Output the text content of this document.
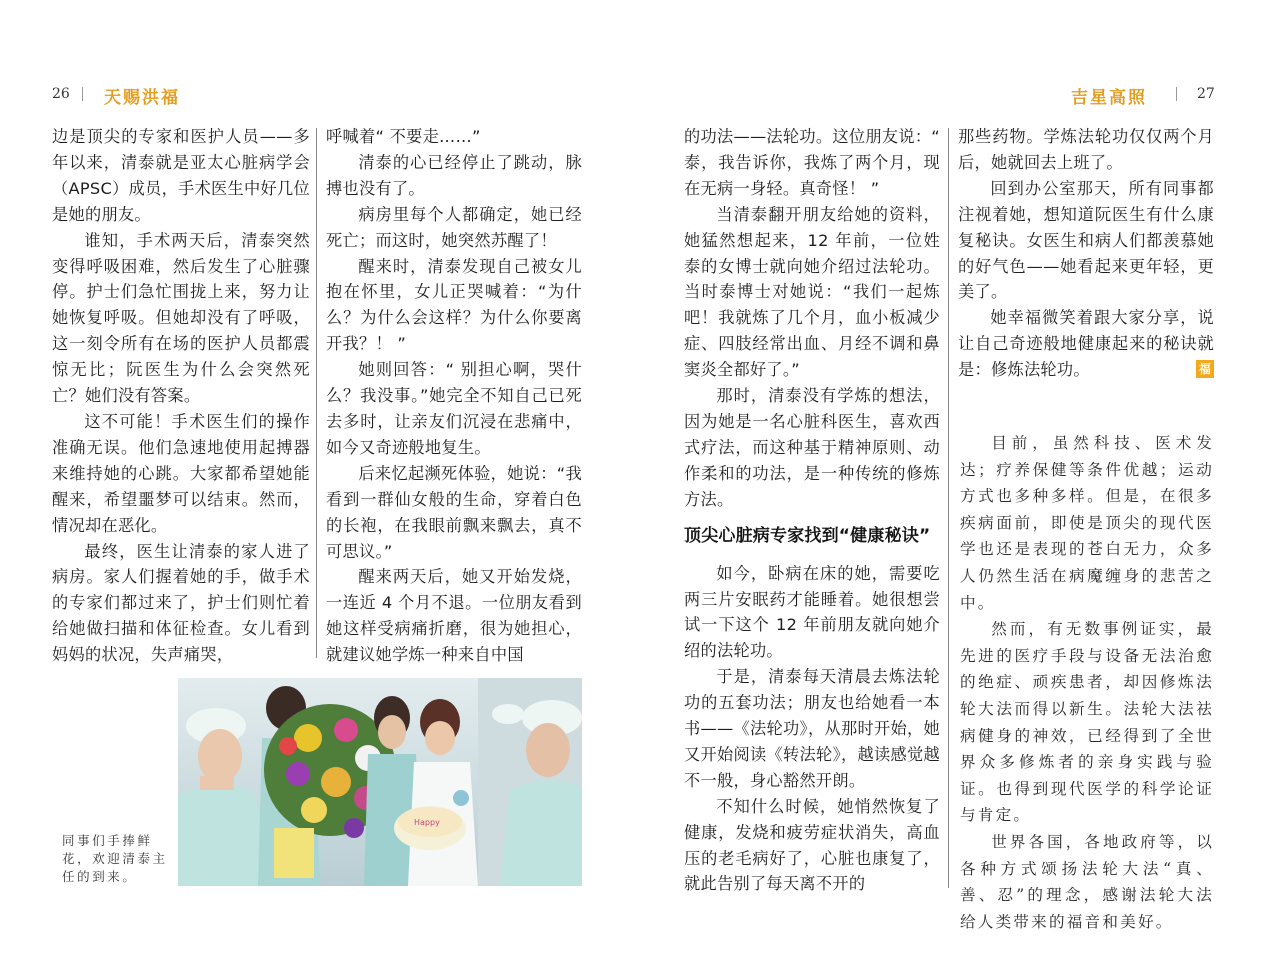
26 天赐洪福	吉星高照	27

边是顶尖的专家和医护人员——多年以来，清泰就是亚太心脏病学会（APSC）成员，手术医生中好几位是她的朋友。

谁知，手术两天后，清泰突然变得呼吸困难，然后发生了心脏骤停。护士们急忙围拢上来，努力让她恢复呼吸。但她却没有了呼吸，这一刻令所有在场的医护人员都震惊无比；阮医生为什么会突然死亡？她们没有答案。

这不可能！手术医生们的操作准确无误。他们急速地使用起搏器来维持她的心跳。大家都希望她能醒来，希望噩梦可以结束。然而，情况却在恶化。

最终，医生让清泰的家人进了病房。家人们握着她的手，做手术的专家们都过来了，护士们则忙着给她做扫描和体征检查。女儿看到妈妈的状况，失声痛哭，

呼喊着“ 不要走……”

清泰的心已经停止了跳动，脉搏也没有了。

病房里每个人都确定，她已经死亡；而这时，她突然苏醒了！

醒来时，清泰发现自己被女儿抱在怀里，女儿正哭喊着：“为什么？为什么会这样？为什么你要离开我？！ ”

她则回答：“ 别担心啊，哭什么？我没事。”她完全不知自己已死去多时，让亲友们沉浸在悲痛中，如今又奇迹般地复生。

后来忆起濒死体验，她说：“我看到一群仙女般的生命，穿着白色的长袍，在我眼前飘来飘去，真不可思议。”

醒来两天后，她又开始发烧，一连近 4 个月不退。一位朋友看到她这样受病痛折磨，很为她担心，就建议她学炼一种来自中国

Happy
同事们手捧鲜花，欢迎清泰主任的到来。

的功法——法轮功。这位朋友说：“ 泰，我告诉你，我炼了两个月，现在无病一身轻。真奇怪！ ”

当清泰翻开朋友给她的资料，她猛然想起来，12 年前，一位姓泰的女博士就向她介绍过法轮功。当时泰博士对她说：“我们一起炼吧！我就炼了几个月，血小板减少症、四肢经常出血、月经不调和鼻窦炎全都好了。”

那时，清泰没有学炼的想法，因为她是一名心脏科医生，喜欢西式疗法，而这种基于精神原则、动作柔和的功法，是一种传统的修炼方法。

顶尖心脏病专家找到“健康秘诀”

如今，卧病在床的她，需要吃两三片安眠药才能睡着。她很想尝试一下这个 12 年前朋友就向她介绍的法轮功。

于是，清泰每天清晨去炼法轮功的五套功法；朋友也给她看一本书——《法轮功》，从那时开始，她又开始阅读《转法轮》，越读感觉越不一般，身心豁然开朗。

不知什么时候，她悄然恢复了健康，发烧和疲劳症状消失，高血压的老毛病好了，心脏也康复了，就此告别了每天离不开的

那些药物。学炼法轮功仅仅两个月后，她就回去上班了。

回到办公室那天，所有同事都注视着她，想知道阮医生有什么康复秘诀。女医生和病人们都羡慕她的好气色——她看起来更年轻，更美了。

她幸福微笑着跟大家分享，说让自己奇迹般地健康起来的秘诀就是：修炼法轮功。	福

目前，虽然科技、医术发达；疗养保健等条件优越；运动方式也多种多样。但是，在很多疾病面前，即使是顶尖的现代医学也还是表现的苍白无力，众多人仍然生活在病魔缠身的悲苦之中。

然而，有无数事例证实，最先进的医疗手段与设备无法治愈的绝症、顽疾患者，却因修炼法轮大法而得以新生。法轮大法祛病健身的神效，已经得到了全世界众多修炼者的亲身实践与验证。也得到现代医学的科学论证与肯定。

世界各国，各地政府等，以各种方式颂扬法轮大法“真、善、忍”的理念，感谢法轮大法给人类带来的福音和美好。
